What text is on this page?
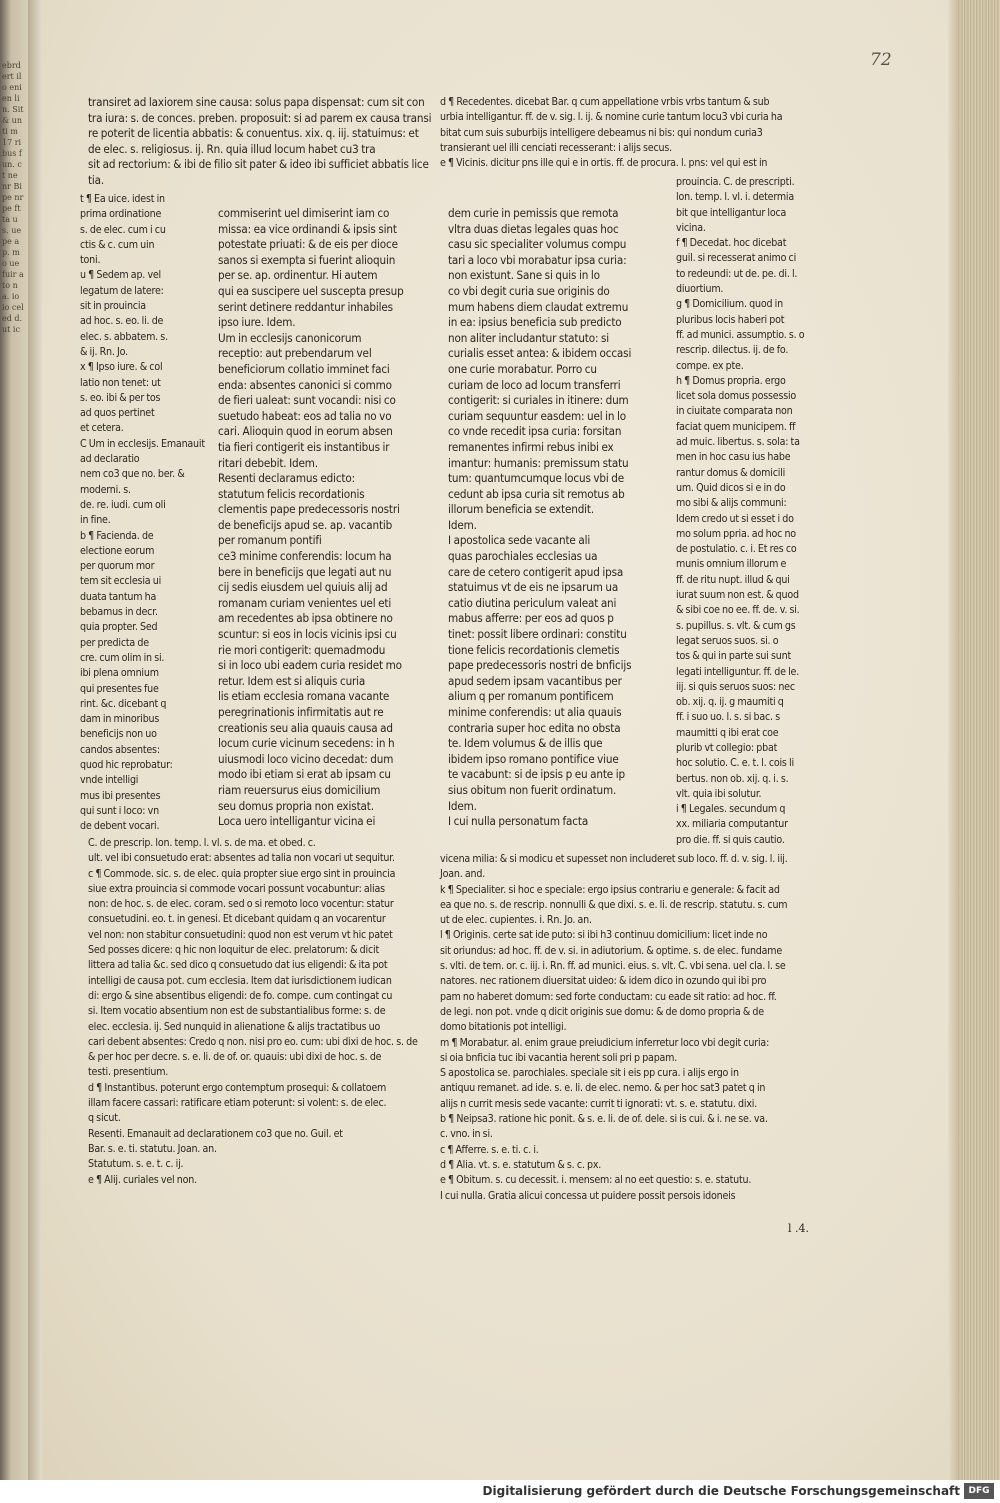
ebrdert ilo enien lin. Sit & unti m 17 ribus fun. ct ne nr Bi pe nr pe ft ta us. ue pe ap. mo ue fuir ato na. io io cel ed d. ut ic
72

transiret ad laxiorem sine causa: solus papa dispensat: cum sit con

tra iura: s. de conces. preben. proposuit: si ad parem ex causa transi

re poterit de licentia abbatis: & conuentus. xix. q. iij. statuimus: et

de elec. s. religiosus. ij. Rn. quia illud locum habet cu3 tra

sit ad rectorium: & ibi de filio sit pater & ideo ibi sufficiet abbatis lice

tia.

t ¶ Ea uice. idest in

prima ordinatione

s. de elec. cum i cu

ctis & c. cum uin

toni.

u ¶ Sedem ap. vel

legatum de latere:

sit in prouincia

ad hoc. s. eo. li. de

elec. s. abbatem. s.

& ij. Rn. Jo.

x ¶ Ipso iure. & col

latio non tenet: ut

s. eo. ibi & per tos

ad quos pertinet

et cetera.

C Um in ecclesijs. Emanauit ad declaratio

nem co3 que no. ber. & moderni. s.

de. re. iudi. cum oli

in fine.

b ¶ Facienda. de

electione eorum

per quorum mor

tem sit ecclesia ui

duata tantum ha

bebamus in decr.

quia propter. Sed

per predicta de

cre. cum olim in si.

ibi plena omnium

qui presentes fue

rint. &c. dicebant q

dam in minoribus

beneficijs non uo

candos absentes:

quod hic reprobatur:

vnde intelligi

mus ibi presentes

qui sunt i loco: vn

de debent vocari.

commiserint uel dimiserint iam co

missa: ea vice ordinandi & ipsis sint

potestate priuati: & de eis per dioce

sanos si exempta si fuerint alioquin

per se. ap. ordinentur. Hi autem

qui ea suscipere uel suscepta presup

serint detinere reddantur inhabiles

ipso iure. Idem.

Um in ecclesijs canonicorum

receptio: aut prebendarum vel

beneficiorum collatio imminet faci

enda: absentes canonici si commo

de fieri ualeat: sunt vocandi: nisi co

suetudo habeat: eos ad talia no vo

cari. Alioquin quod in eorum absen

tia fieri contigerit eis instantibus ir

ritari debebit. Idem.

Resenti declaramus edicto:

statutum felicis recordationis

clementis pape predecessoris nostri

de beneficijs apud se. ap. vacantib

per romanum pontifi

ce3 minime conferendis: locum ha

bere in beneficijs que legati aut nu

cij sedis eiusdem uel quiuis alij ad

romanam curiam venientes uel eti

am recedentes ab ipsa obtinere no

scuntur: si eos in locis vicinis ipsi cu

rie mori contigerit: quemadmodu

si in loco ubi eadem curia residet mo

retur. Idem est si aliquis curia

lis etiam ecclesia romana vacante

peregrinationis infirmitatis aut re

creationis seu alia quauis causa ad

locum curie vicinum secedens: in h

uiusmodi loco vicino decedat: dum

modo ibi etiam si erat ab ipsam cu

riam reuersurus eius domicilium

seu domus propria non existat.

Loca uero intelligantur vicina ei

d ¶ Recedentes. dicebat Bar. q cum appellatione vrbis vrbs tantum & sub

urbia intelligantur. ff. de v. sig. l. ij. & nomine curie tantum locu3 vbi curia ha

bitat cum suis suburbijs intelligere debeamus ni bis: qui nondum curia3

transierant uel illi cenciati recesserant: i alijs secus.

e ¶ Vicinis. dicitur pns ille qui e in ortis. ff. de procura. l. pns: vel qui est in

dem curie in pemissis que remota

vltra duas dietas legales quas hoc

casu sic specialiter volumus compu

tari a loco vbi morabatur ipsa curia:

non existunt. Sane si quis in lo

co vbi degit curia sue originis do

mum habens diem claudat extremu

in ea: ipsius beneficia sub predicto

non aliter includantur statuto: si

curialis esset antea: & ibidem occasi

one curie morabatur. Porro cu

curiam de loco ad locum transferri

contigerit: si curiales in itinere: dum

curiam sequuntur easdem: uel in lo

co vnde recedit ipsa curia: forsitan

remanentes infirmi rebus inibi ex

imantur: humanis: premissum statu

tum: quantumcumque locus vbi de

cedunt ab ipsa curia sit remotus ab

illorum beneficia se extendit.

Idem.

I apostolica sede vacante ali

quas parochiales ecclesias ua

care de cetero contigerit apud ipsa

statuimus vt de eis ne ipsarum ua

catio diutina periculum valeat ani

mabus afferre: per eos ad quos p

tinet: possit libere ordinari: constitu

tione felicis recordationis clemetis

pape predecessoris nostri de bnficijs

apud sedem ipsam vacantibus per

alium q per romanum pontificem

minime conferendis: ut alia quauis

contraria super hoc edita no obsta

te. Idem volumus & de illis que

ibidem ipso romano pontifice viue

te vacabunt: si de ipsis p eu ante ip

sius obitum non fuerit ordinatum.

Idem.

I cui nulla personatum facta

prouincia. C. de prescripti.

lon. temp. l. vl. i. determia

bit que intelligantur loca

vicina.

f ¶ Decedat. hoc dicebat

guil. si recesserat animo ci

to redeundi: ut de. pe. di. l.

diuortium.

g ¶ Domicilium. quod in

pluribus locis haberi pot

ff. ad munici. assumptio. s. o

rescrip. dilectus. ij. de fo.

compe. ex pte.

h ¶ Domus propria. ergo

licet sola domus possessio

in ciuitate comparata non

faciat quem municipem. ff

ad muic. libertus. s. sola: ta

men in hoc casu ius habe

rantur domus & domicili

um. Quid dicos si e in do

mo sibi & alijs communi:

Idem credo ut si esset i do

mo solum ppria. ad hoc no

de postulatio. c. i. Et res co

munis omnium illorum e

ff. de ritu nupt. illud & qui

iurat suum non est. & quod

& sibi coe no ee. ff. de. v. si.

s. pupillus. s. vlt. & cum gs

legat seruos suos. si. o

tos & qui in parte sui sunt

legati intelliguntur. ff. de le.

iij. si quis seruos suos: nec

ob. xij. q. ij. g maumiti q

ff. i suo uo. l. s. si bac. s

maumitti q ibi erat coe

plurib vt collegio: pbat

hoc solutio. C. e. t. l. cois li

bertus. non ob. xij. q. i. s.

vlt. quia ibi solutur.

i ¶ Legales. secundum q

xx. miliaria computantur

pro die. ff. si quis cautio.

C. de prescrip. lon. temp. l. vl. s. de ma. et obed. c.

ult. vel ibi consuetudo erat: absentes ad talia non vocari ut sequitur.

c ¶ Commode. sic. s. de elec. quia propter siue ergo sint in prouincia

siue extra prouincia si commode vocari possunt vocabuntur: alias

non: de hoc. s. de elec. coram. sed o si remoto loco vocentur: statur

consuetudini. eo. t. in genesi. Et dicebant quidam q an vocarentur

vel non: non stabitur consuetudini: quod non est verum vt hic patet

Sed posses dicere: q hic non loquitur de elec. prelatorum: & dicit

littera ad talia &c. sed dico q consuetudo dat ius eligendi: & ita pot

intelligi de causa pot. cum ecclesia. Item dat iurisdictionem iudican

di: ergo & sine absentibus eligendi: de fo. compe. cum contingat cu

si. Item vocatio absentium non est de substantialibus forme: s. de

elec. ecclesia. ij. Sed nunquid in alienatione & alijs tractatibus uo

cari debent absentes: Credo q non. nisi pro eo. cum: ubi dixi de hoc. s. de

& per hoc per decre. s. e. li. de of. or. quauis: ubi dixi de hoc. s. de

testi. presentium.

d ¶ Instantibus. poterunt ergo contemptum prosequi: & collatoem

illam facere cassari: ratificare etiam poterunt: si volent: s. de elec.

q sicut.

Resenti. Emanauit ad declarationem co3 que no. Guil. et

Bar. s. e. ti. statutu. Joan. an.

Statutum. s. e. t. c. ij.

e ¶ Alij. curiales vel non.

vicena milia: & si modicu et supesset non includeret sub loco. ff. d. v. sig. l. iij.

Joan. and.

k ¶ Specialiter. si hoc e speciale: ergo ipsius contrariu e generale: & facit ad

ea que no. s. de rescrip. nonnulli & que dixi. s. e. li. de rescrip. statutu. s. cum

ut de elec. cupientes. i. Rn. Jo. an.

l ¶ Originis. certe sat ide puto: si ibi h3 continuu domicilium: licet inde no

sit oriundus: ad hoc. ff. de v. si. in adiutorium. & optime. s. de elec. fundame

s. vlti. de tem. or. c. iij. i. Rn. ff. ad munici. eius. s. vlt. C. vbi sena. uel cla. l. se

natores. nec rationem diuersitat uideo: & idem dico in ozundo qui ibi pro

pam no haberet domum: sed forte conductam: cu eade sit ratio: ad hoc. ff.

de legi. non pot. vnde q dicit originis sue domu: & de domo propria & de

domo bitationis pot intelligi.

m ¶ Morabatur. al. enim graue preiudicium inferretur loco vbi degit curia:

si oia bnficia tuc ibi vacantia herent soli pri p papam.

S apostolica se. parochiales. speciale sit i eis pp cura. i alijs ergo in

antiquu remanet. ad ide. s. e. li. de elec. nemo. & per hoc sat3 patet q in

alijs n currit mesis sede vacante: currit ti ignorati: vt. s. e. statutu. dixi.

b ¶ Neipsa3. ratione hic ponit. & s. e. li. de of. dele. si is cui. & i. ne se. va.

c. vno. in si.

c ¶ Afferre. s. e. ti. c. i.

d ¶ Alia. vt. s. e. statutum & s. c. px.

e ¶ Obitum. s. cu decessit. i. mensem: al no eet questio: s. e. statutu.

I cui nulla. Gratia alicui concessa ut puidere possit persois idoneis

l .4.
Digitalisierung gefördert durch die Deutsche Forschungsgemeinschaft DFG
